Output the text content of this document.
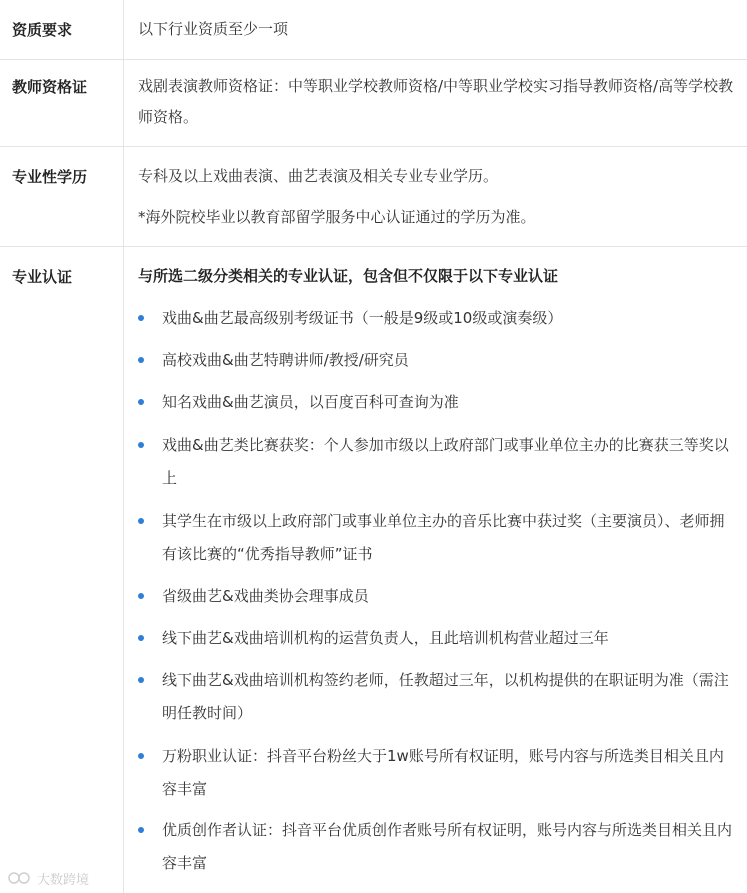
资质要求	以下行业资质至少一项
教师资格证	戏剧表演教师资格证：中等职业学校教师资格/中等职业学校实习指导教师资格/高等学校教师资格。
专业性学历	专科及以上戏曲表演、曲艺表演及相关专业专业学历。
*海外院校毕业以教育部留学服务中心认证通过的学历为准。
专业认证	与所选二级分类相关的专业认证，包含但不仅限于以下专业认证
戏曲&曲艺最高级别考级证书（一般是9级或10级或演奏级）
高校戏曲&曲艺特聘讲师/教授/研究员
知名戏曲&曲艺演员，以百度百科可查询为准
戏曲&曲艺类比赛获奖：个人参加市级以上政府部门或事业单位主办的比赛获三等奖以上
其学生在市级以上政府部门或事业单位主办的音乐比赛中获过奖（主要演员）、老师拥有该比赛的“优秀指导教师”证书
省级曲艺&戏曲类协会理事成员
线下曲艺&戏曲培训机构的运营负责人，且此培训机构营业超过三年
线下曲艺&戏曲培训机构签约老师，任教超过三年，以机构提供的在职证明为准（需注明任教时间）
万粉职业认证：抖音平台粉丝大于1w账号所有权证明，账号内容与所选类目相关且内容丰富
优质创作者认证：抖音平台优质创作者账号所有权证明，账号内容与所选类目相关且内容丰富
大数跨境
